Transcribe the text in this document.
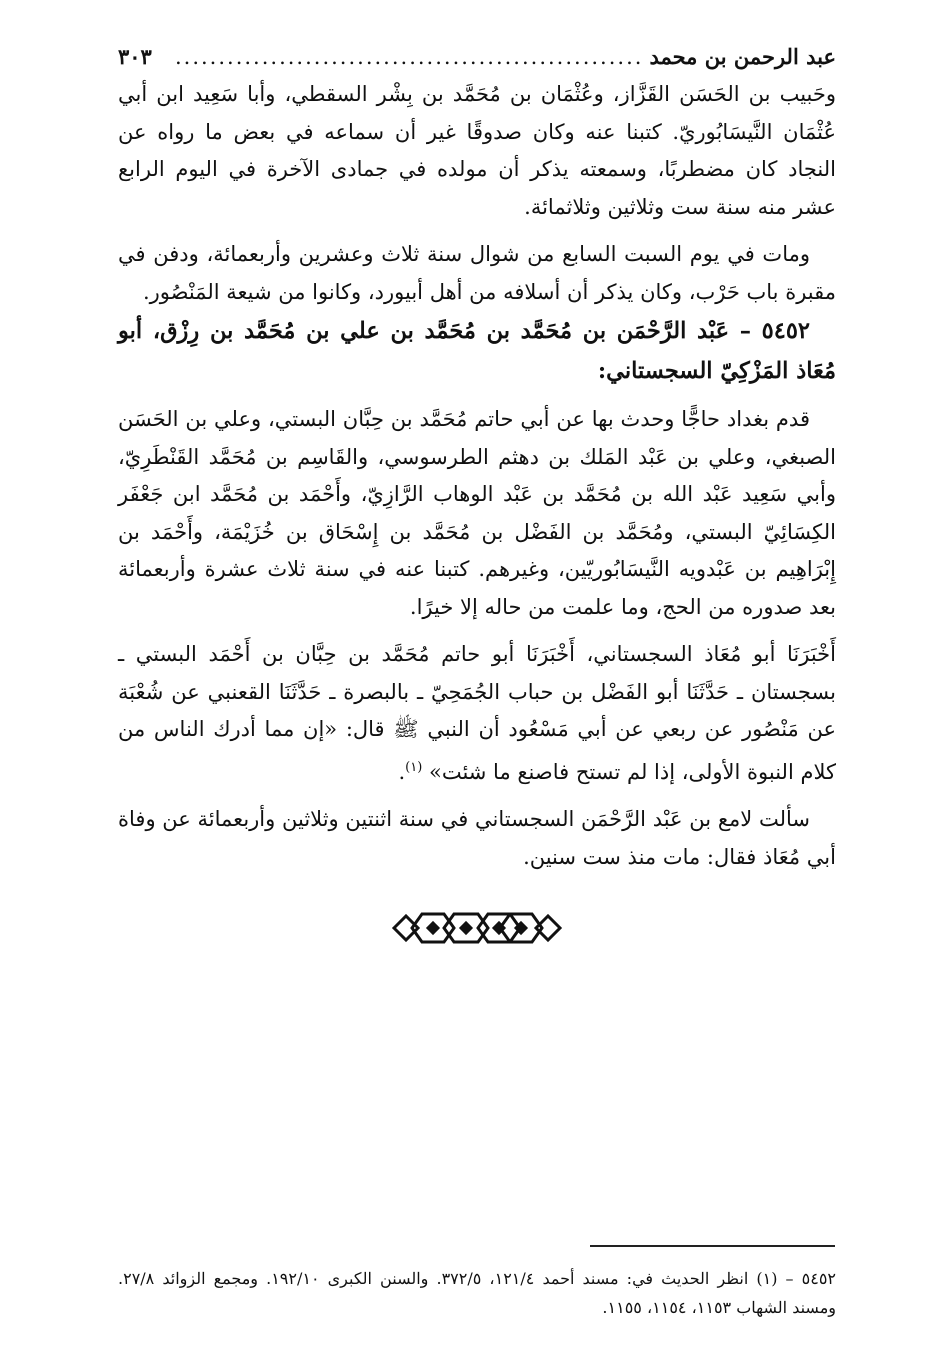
عبد الرحمن بن محمد
......................................................
٣٠٣

وحَبيب بن الحَسَن القَزَّاز، وعُثْمَان بن مُحَمَّد بن بِشْر السقطي، وأبا سَعِيد ابن أبي عُثْمَان النَّيسَابُوريّ. كتبنا عنه وكان صدوقًا غير أن سماعه في بعض ما رواه عن النجاد كان مضطربًا، وسمعته يذكر أن مولده في جمادى الآخرة في اليوم الرابع عشر منه سنة ست وثلاثين وثلاثمائة.

ومات في يوم السبت السابع من شوال سنة ثلاث وعشرين وأربعمائة، ودفن في مقبرة باب حَرْب، وكان يذكر أن أسلافه من أهل أبيورد، وكانوا من شيعة المَنْصُور.

٥٤٥٢ – عَبْد الرَّحْمَن بن مُحَمَّد بن مُحَمَّد بن علي بن مُحَمَّد بن رِزْق، أبو مُعَاذ المَزْكِيّ السجستاني:

قدم بغداد حاجًّا وحدث بها عن أبي حاتم مُحَمَّد بن حِبَّان البستي، وعلي بن الحَسَن الصبغي، وعلي بن عَبْد المَلك بن دهثم الطرسوسي، والقَاسِم بن مُحَمَّد القَنْطَرِيّ، وأبي سَعِيد عَبْد الله بن مُحَمَّد بن عَبْد الوهاب الرَّازِيّ، وأَحْمَد بن مُحَمَّد ابن جَعْفَر الكِسَائِيّ البستي، ومُحَمَّد بن الفَضْل بن مُحَمَّد بن إِسْحَاق بن خُزَيْمَة، وأَحْمَد بن إِبْرَاهِيم بن عَبْدويه النَّيسَابُوريّين، وغيرهم. كتبنا عنه في سنة ثلاث عشرة وأربعمائة بعد صدوره من الحج، وما علمت من حاله إلا خيرًا.

أَخْبَرَنَا أبو مُعَاذ السجستاني، أَخْبَرَنَا أبو حاتم مُحَمَّد بن حِبَّان بن أَحْمَد البستي ـ بسجستان ـ حَدَّثَنَا أبو الفَضْل بن حباب الجُمَحِيّ ـ بالبصرة ـ حَدَّثَنَا القعنبي عن شُعْبَة عن مَنْصُور عن ربعي عن أبي مَسْعُود أن النبي ﷺ قال: «إن مما أدرك الناس من كلام النبوة الأولى، إذا لم تستح فاصنع ما شئت» $^{(١)}$.

سألت لامع بن عَبْد الرَّحْمَن السجستاني في سنة اثنتين وثلاثين وأربعمائة عن وفاة أبي مُعَاذ فقال: مات منذ ست سنين.

٥٤٥٢ – (١) انظر الحديث في: مسند أحمد ١٢١/٤، ٣٧٢/٥. والسنن الكبرى ١٩٢/١٠. ومجمع الزوائد ٢٧/٨. ومسند الشهاب ١١٥٣، ١١٥٤، ١١٥٥.
